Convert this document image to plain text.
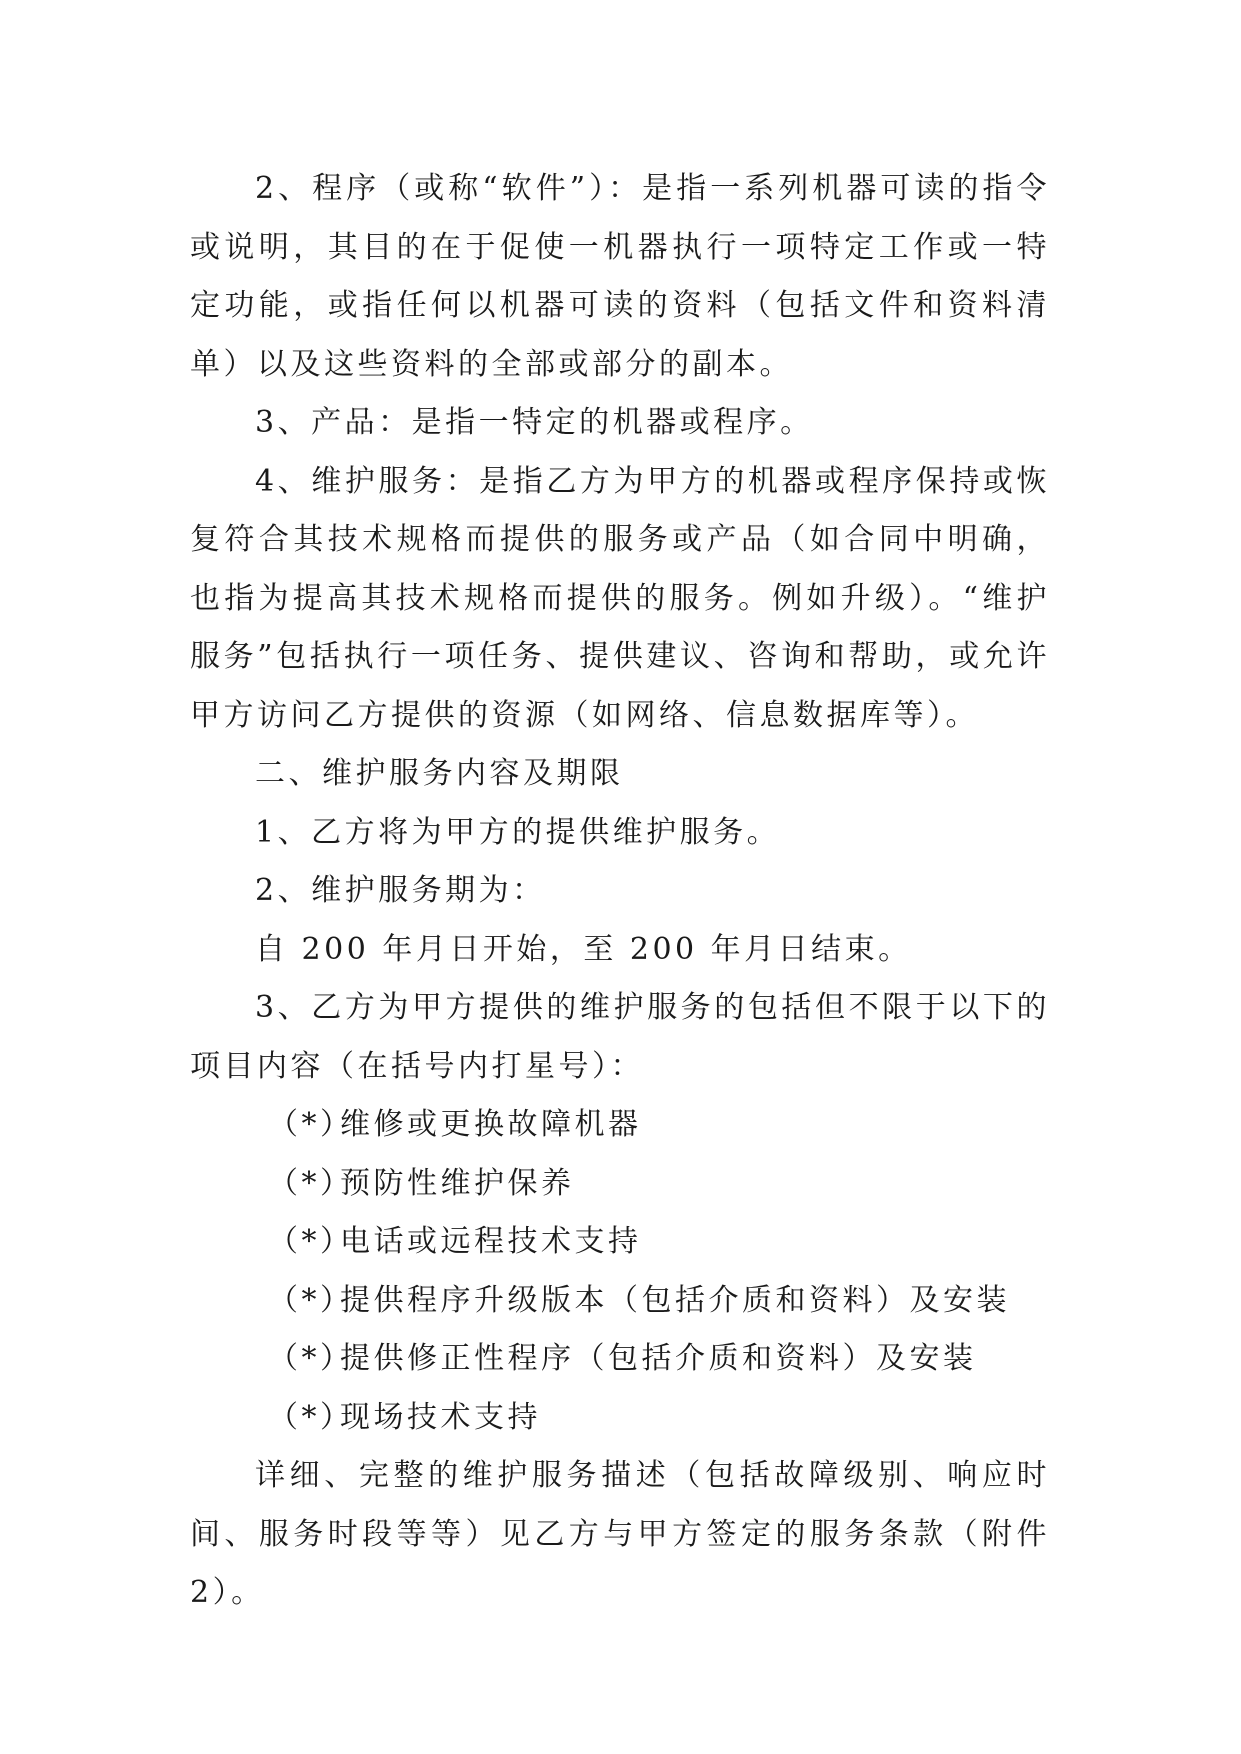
2、程序（或称“软件”）：是指一系列机器可读的指令或说明，其目的在于促使一机器执行一项特定工作或一特定功能，或指任何以机器可读的资料（包括文件和资料清单）以及这些资料的全部或部分的副本。

3、产品：是指一特定的机器或程序。

4、维护服务：是指乙方为甲方的机器或程序保持或恢复符合其技术规格而提供的服务或产品（如合同中明确，也指为提高其技术规格而提供的服务。例如升级）。“维护服务”包括执行一项任务、提供建议、咨询和帮助，或允许甲方访问乙方提供的资源（如网络、信息数据库等）。

二、维护服务内容及期限

1、乙方将为甲方的提供维护服务。

2、维护服务期为：

自 200 年月日开始，至 200 年月日结束。

3、乙方为甲方提供的维护服务的包括但不限于以下的项目内容（在括号内打星号）：

（*）维修或更换故障机器

（*）预防性维护保养

（*）电话或远程技术支持

（*）提供程序升级版本（包括介质和资料）及安装

（*）提供修正性程序（包括介质和资料）及安装

（*）现场技术支持

详细、完整的维护服务描述（包括故障级别、响应时间、服务时段等等）见乙方与甲方签定的服务条款（附件 2）。
